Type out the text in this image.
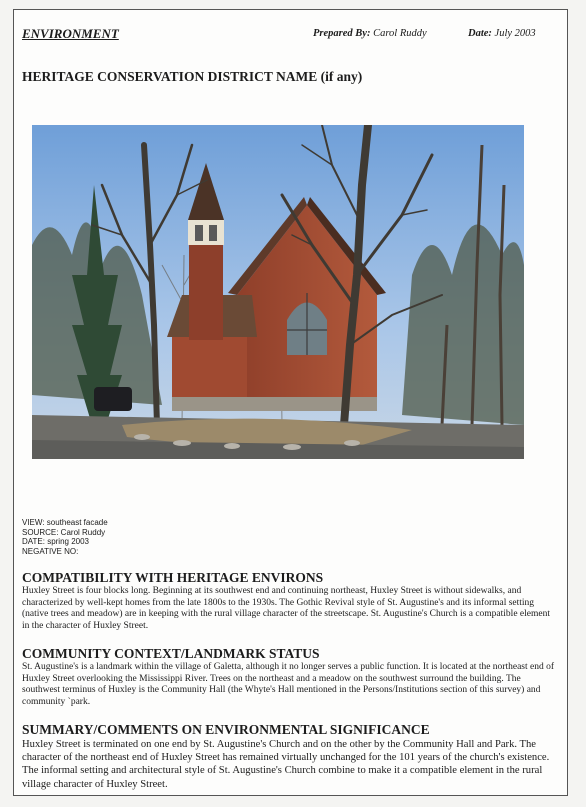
ENVIRONMENT	Prepared By: Carol Ruddy	Date: July 2003
HERITAGE CONSERVATION DISTRICT NAME (if any)
VIEW: southeast facade
SOURCE: Carol Ruddy
DATE: spring 2003
NEGATIVE NO:
COMPATIBILITY WITH HERITAGE ENVIRONS
Huxley Street is four blocks long. Beginning at its southwest end and continuing northeast, Huxley Street is without sidewalks, and characterized by well-kept homes from the late 1800s to the 1930s. The Gothic Revival style of St. Augustine's and its informal setting (native trees and meadow) are in keeping with the rural village character of the streetscape. St. Augustine's Church is a compatible element in the character of Huxley Street.
COMMUNITY CONTEXT/LANDMARK STATUS
St. Augustine's is a landmark within the village of Galetta, although it no longer serves a public function. It is located at the northeast end of Huxley Street overlooking the Mississippi River. Trees on the northeast and a meadow on the southwest surround the building. The southwest terminus of Huxley is the Community Hall (the Whyte's Hall mentioned in the Persons/Institutions section of this survey) and community `park.
SUMMARY/COMMENTS ON ENVIRONMENTAL SIGNIFICANCE
Huxley Street is terminated on one end by St. Augustine's Church and on the other by the Community Hall and Park. The character of the northeast end of Huxley Street has remained virtually unchanged for the 101 years of the church's existence. The informal setting and architectural style of St. Augustine's Church combine to make it a compatible element in the rural village character of Huxley Street.
